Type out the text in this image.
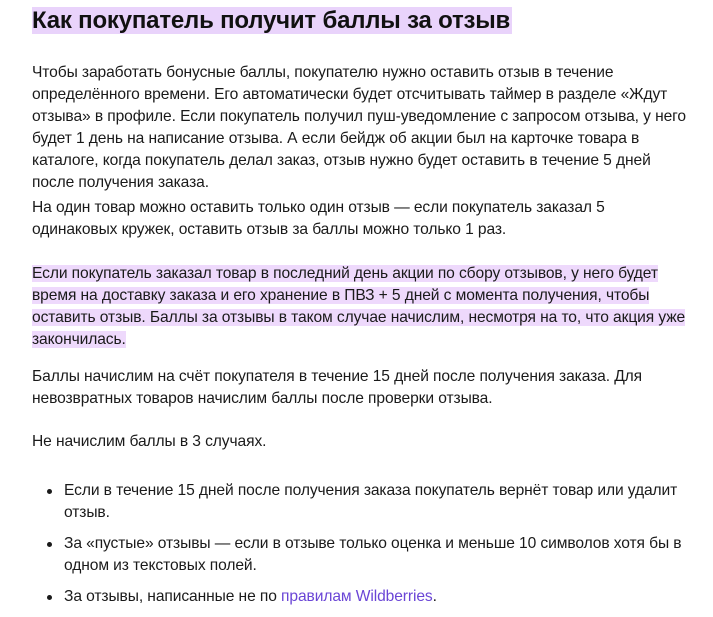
Как покупатель получит баллы за отзыв

Чтобы заработать бонусные баллы, покупателю нужно оставить отзыв в течение определённого времени. Его автоматически будет отсчитывать таймер в разделе «Ждут отзыва» в профиле. Если покупатель получил пуш-уведомление с запросом отзыва, у него будет 1 день на написание отзыва. А если бейдж об акции был на карточке товара в каталоге, когда покупатель делал заказ, отзыв нужно будет оставить в течение 5 дней после получения заказа.

На один товар можно оставить только один отзыв — если покупатель заказал 5 одинаковых кружек, оставить отзыв за баллы можно только 1 раз.

Если покупатель заказал товар в последний день акции по сбору отзывов, у него будет время на доставку заказа и его хранение в ПВЗ + 5 дней с момента получения, чтобы оставить отзыв. Баллы за отзывы в таком случае начислим, несмотря на то, что акция уже закончилась.

Баллы начислим на счёт покупателя в течение 15 дней после получения заказа. Для невозвратных товаров начислим баллы после проверки отзыва.

Не начислим баллы в 3 случаях.

Если в течение 15 дней после получения заказа покупатель вернёт товар или удалит отзыв.
За «пустые» отзывы — если в отзыве только оценка и меньше 10 символов хотя бы в одном из текстовых полей.
За отзывы, написанные не по правилам Wildberries.
